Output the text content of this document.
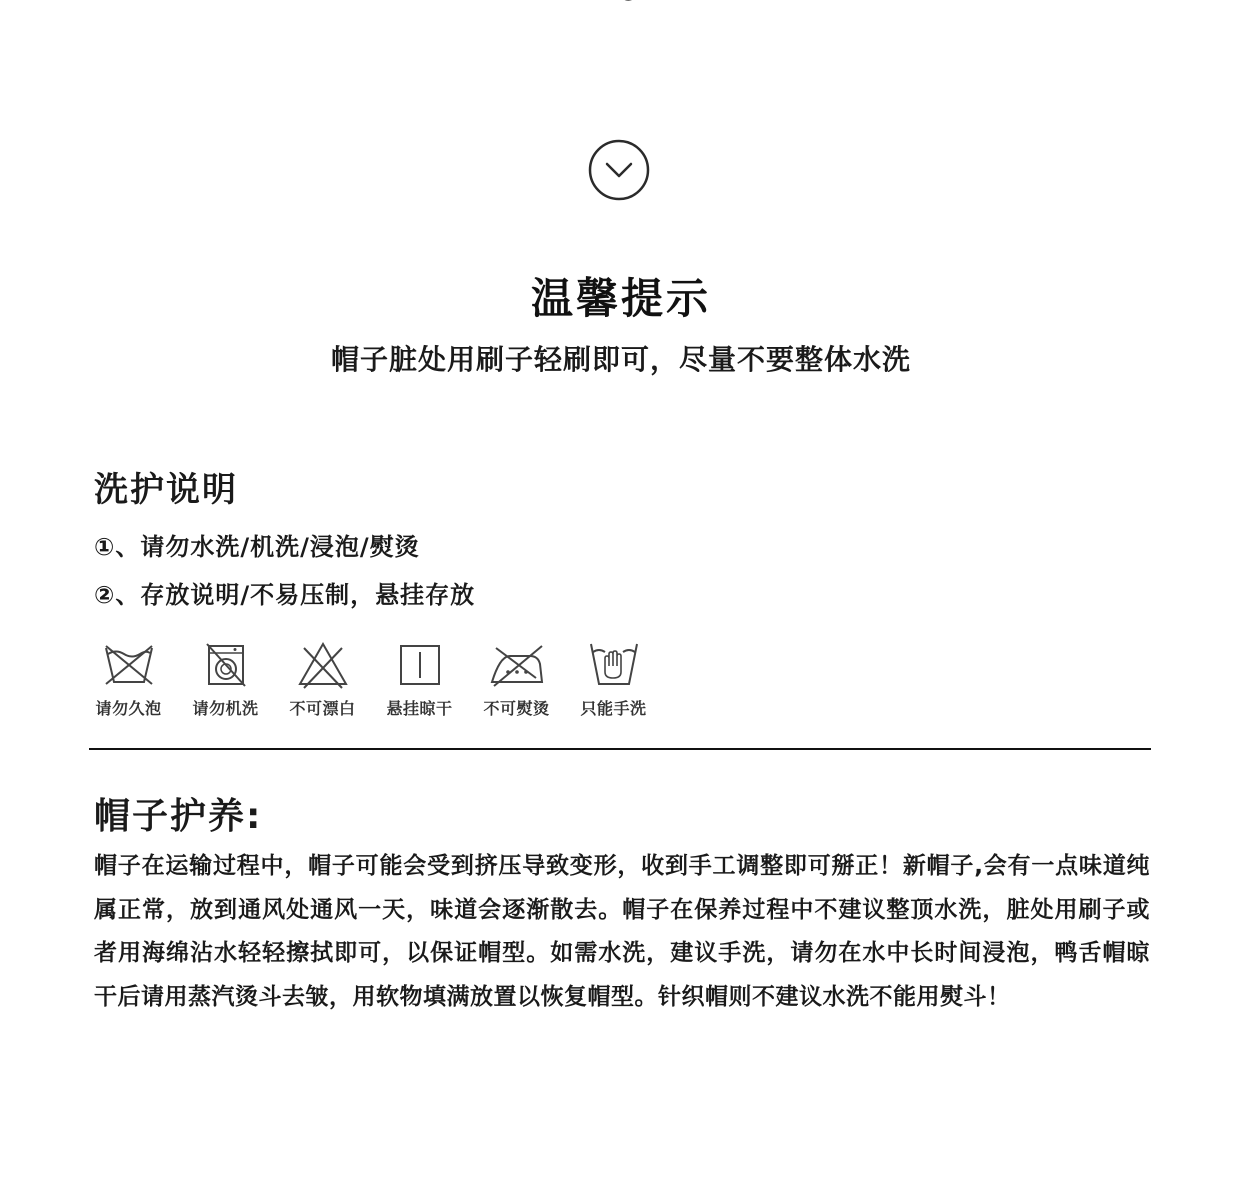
温馨提示
帽子脏处用刷子轻刷即可，尽量不要整体水洗
洗护说明
①、请勿水洗/机洗/浸泡/熨烫
②、存放说明/不易压制，悬挂存放
请勿久泡 请勿机洗 不可漂白 悬挂晾干 不可熨烫 只能手洗
帽子护养:
帽子在运输过程中，帽子可能会受到挤压导致变形，收到手工调整即可掰正！新帽子,会有一点味道纯属正常，放到通风处通风一天，味道会逐渐散去。帽子在保养过程中不建议整顶水洗，脏处用刷子或者用海绵沾水轻轻擦拭即可，以保证帽型。如需水洗，建议手洗，请勿在水中长时间浸泡，鸭舌帽晾干后请用蒸汽烫斗去皱，用软物填满放置以恢复帽型。针织帽则不建议水洗不能用熨斗！
